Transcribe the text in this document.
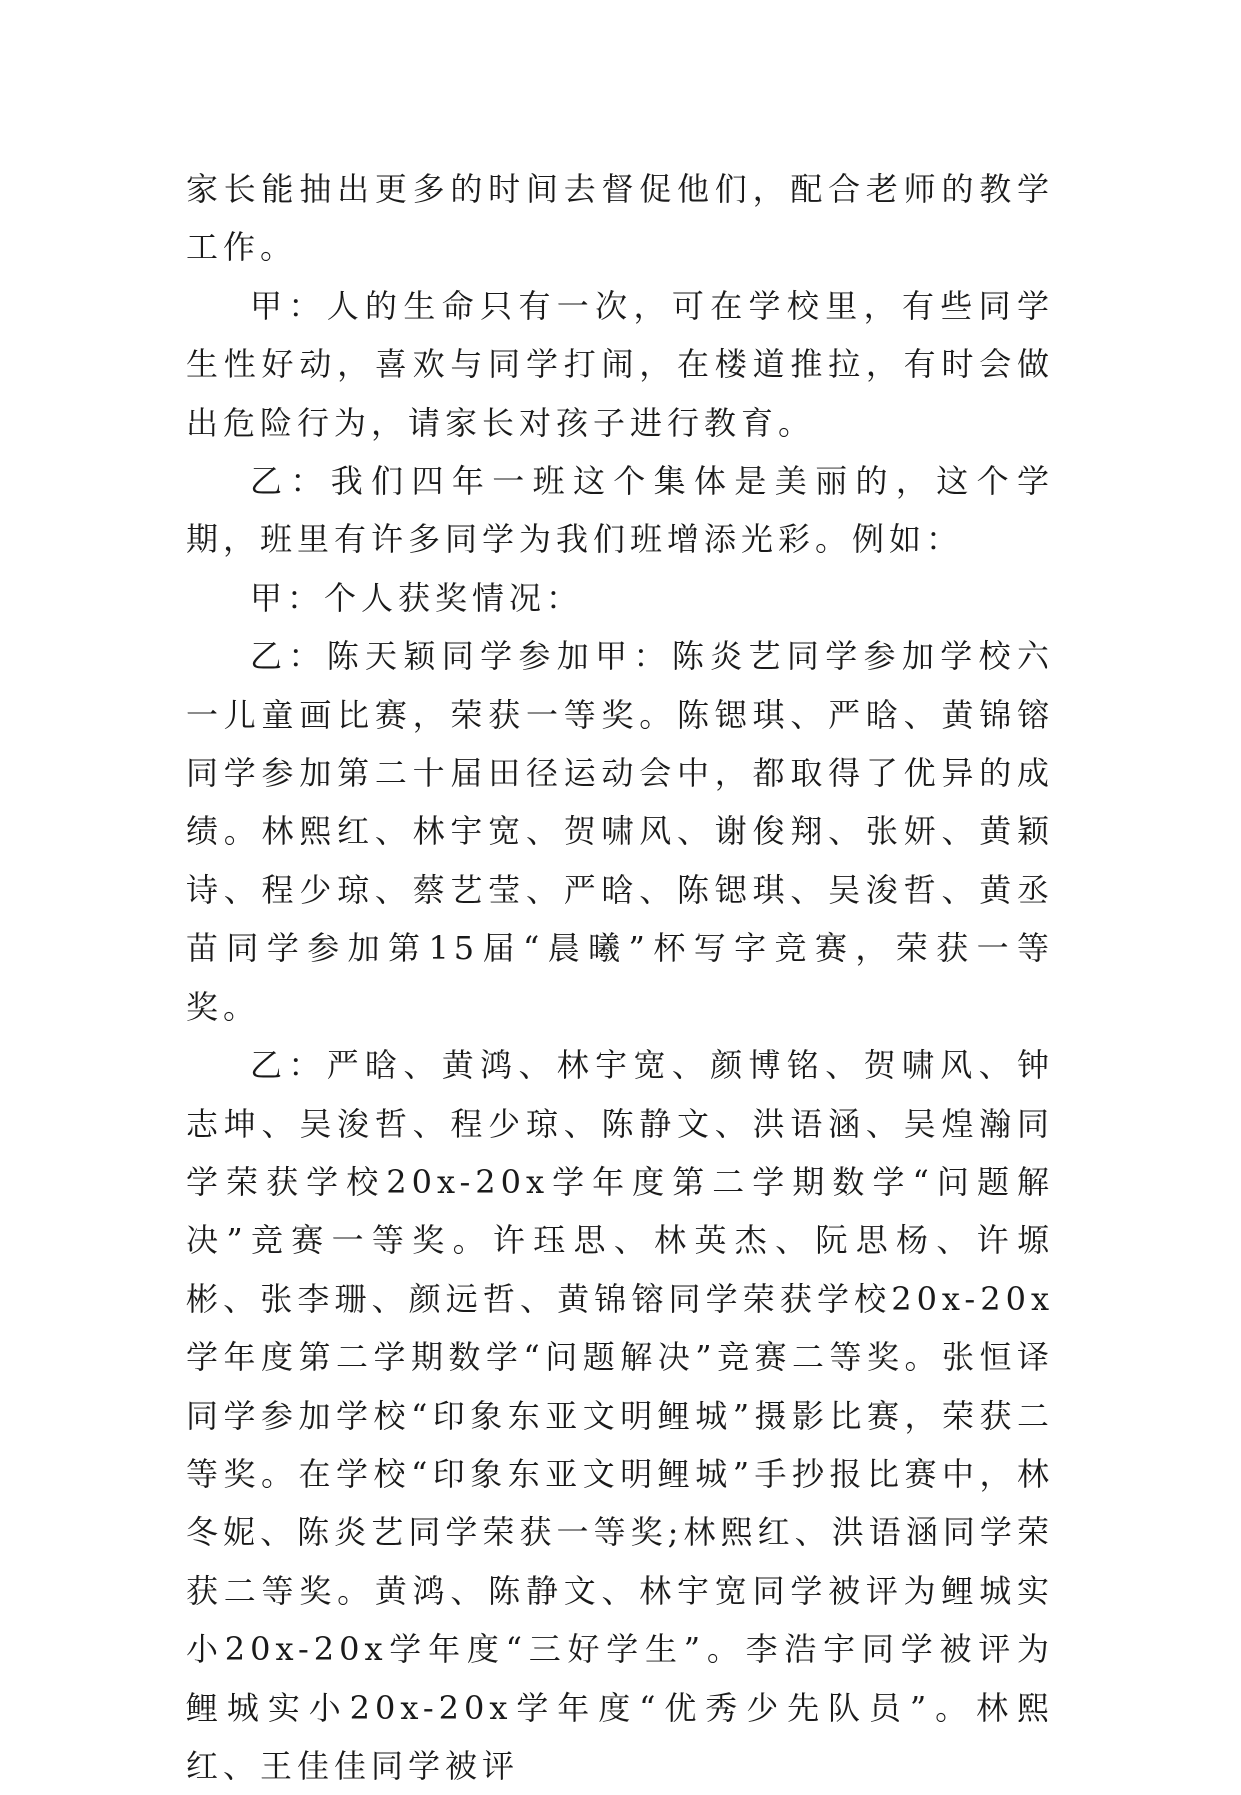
家长能抽出更多的时间去督促他们，配合老师的教学工作。

甲：人的生命只有一次，可在学校里，有些同学生性好动，喜欢与同学打闹，在楼道推拉，有时会做出危险行为，请家长对孩子进行教育。

乙：我们四年一班这个集体是美丽的，这个学期，班里有许多同学为我们班增添光彩。例如：

甲：个人获奖情况：

乙：陈天颖同学参加甲：陈炎艺同学参加学校六一儿童画比赛，荣获一等奖。陈锶琪、严晗、黄锦镕同学参加第二十届田径运动会中，都取得了优异的成绩。林熙红、林宇宽、贺啸风、谢俊翔、张妍、黄颖诗、程少琼、蔡艺莹、严晗、陈锶琪、吴浚哲、黄丞苗同学参加第15届“晨曦”杯写字竞赛，荣获一等奖。

乙：严晗、黄鸿、林宇宽、颜博铭、贺啸风、钟志坤、吴浚哲、程少琼、陈静文、洪语涵、吴煌瀚同学荣获学校20x-20x学年度第二学期数学“问题解决”竞赛一等奖。许珏思、林英杰、阮思杨、许塬彬、张李珊、颜远哲、黄锦镕同学荣获学校20x-20x学年度第二学期数学“问题解决”竞赛二等奖。张恒译同学参加学校“印象东亚文明鲤城”摄影比赛，荣获二等奖。在学校“印象东亚文明鲤城”手抄报比赛中，林冬妮、陈炎艺同学荣获一等奖;林熙红、洪语涵同学荣获二等奖。黄鸿、陈静文、林宇宽同学被评为鲤城实小20x-20x学年度“三好学生”。李浩宇同学被评为鲤城实小20x-20x学年度“优秀少先队员”。林熙红、王佳佳同学被评
